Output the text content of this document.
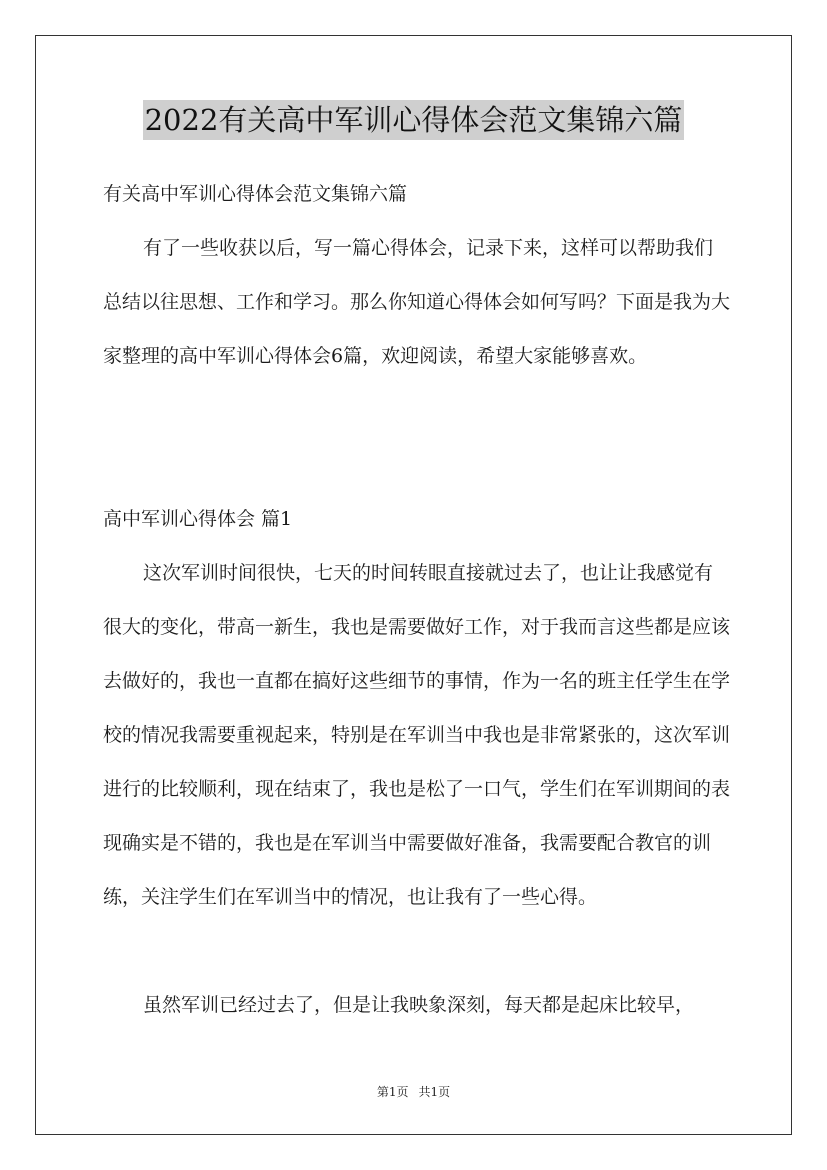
2022有关高中军训心得体会范文集锦六篇

有关高中军训心得体会范文集锦六篇

有了一些收获以后，写一篇心得体会，记录下来，这样可以帮助我们总结以往思想、工作和学习。那么你知道心得体会如何写吗？下面是我为大家整理的高中军训心得体会6篇，欢迎阅读，希望大家能够喜欢。

高中军训心得体会 篇1

这次军训时间很快，七天的时间转眼直接就过去了，也让让我感觉有很大的变化，带高一新生，我也是需要做好工作，对于我而言这些都是应该去做好的，我也一直都在搞好这些细节的事情，作为一名的班主任学生在学校的情况我需要重视起来，特别是在军训当中我也是非常紧张的，这次军训进行的比较顺利，现在结束了，我也是松了一口气，学生们在军训期间的表现确实是不错的，我也是在军训当中需要做好准备，我需要配合教官的训练，关注学生们在军训当中的情况，也让我有了一些心得。

虽然军训已经过去了，但是让我映象深刻，每天都是起床比较早，

第1页 共1页
